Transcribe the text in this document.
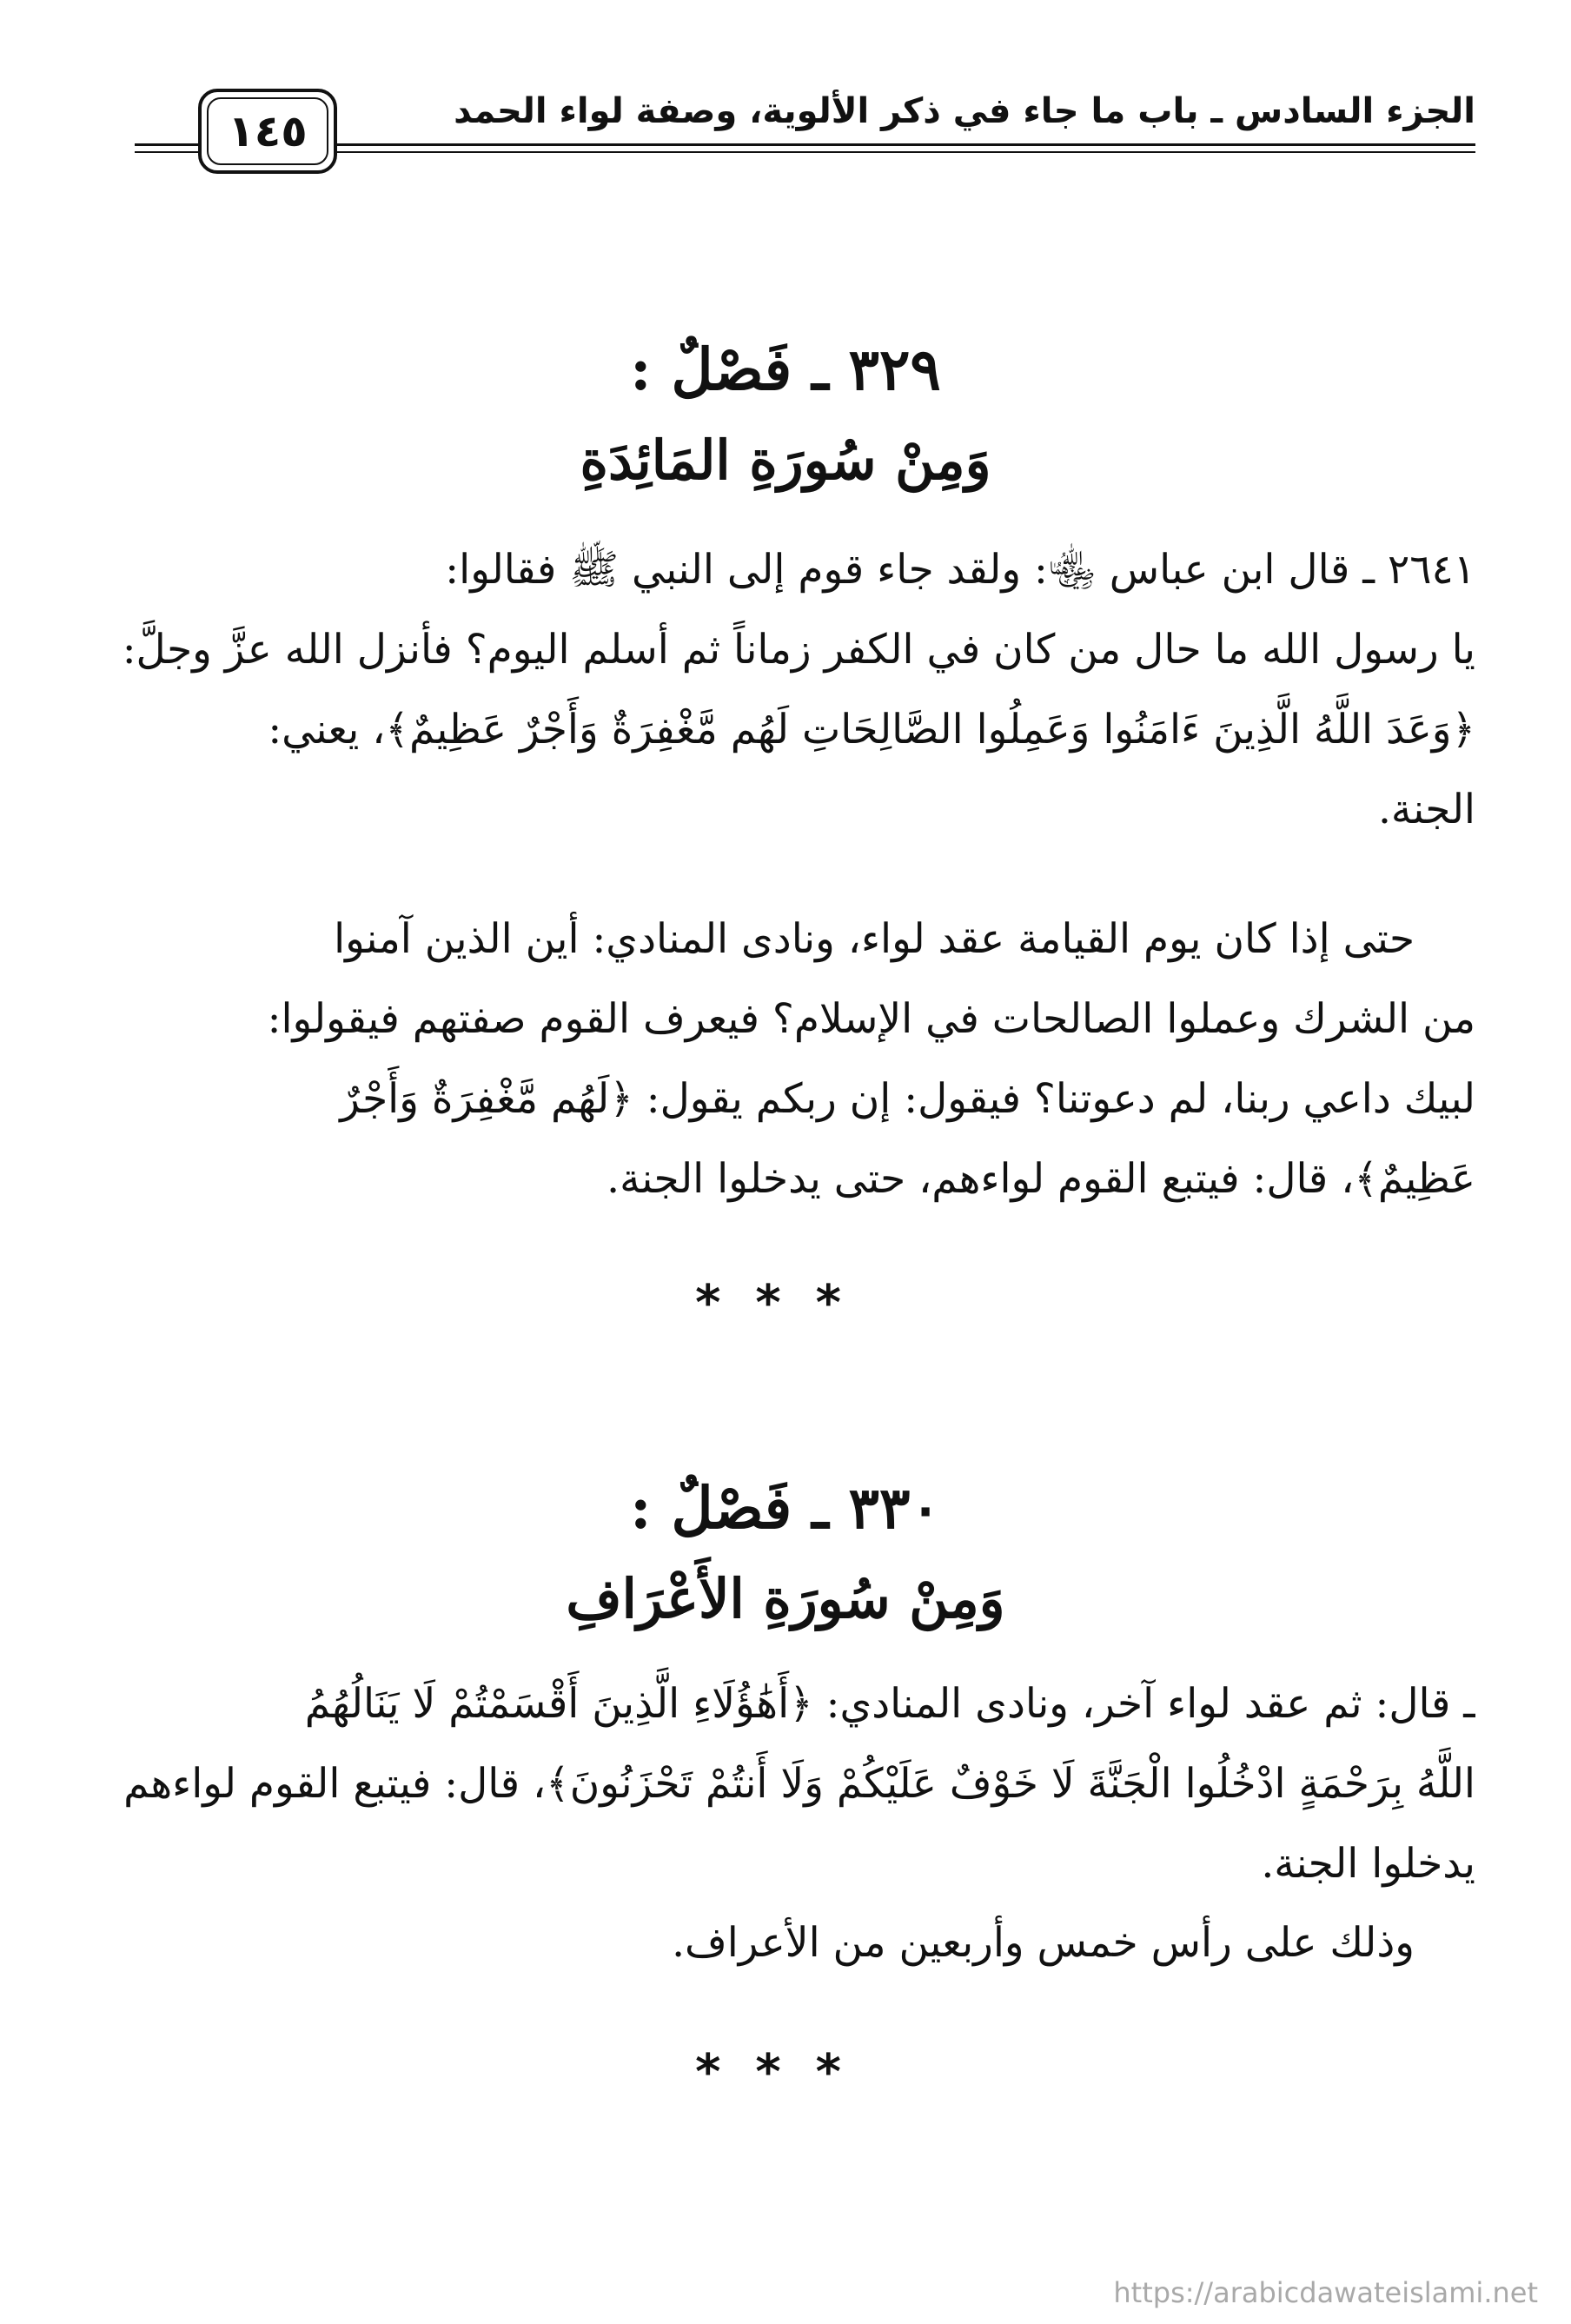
الجزء السادس ـ باب ما جاء في ذكر الألوية، وصفة لواء الحمد
١٤٥
٣٢٩ ـ فَصْلٌ :
وَمِنْ سُورَةِ المَائِدَةِ
٢٦٤١ ـ قال ابن عباس ﵄: ولقد جاء قوم إلى النبي ﷺ فقالوا:
يا رسول الله ما حال من كان في الكفر زماناً ثم أسلم اليوم؟ فأنزل الله عزَّ وجلَّ:
﴿وَعَدَ اللَّهُ الَّذِينَ ءَامَنُوا وَعَمِلُوا الصَّالِحَاتِ لَهُم مَّغْفِرَةٌ وَأَجْرٌ عَظِيمٌ﴾، يعني:
الجنة.
حتى إذا كان يوم القيامة عقد لواء، ونادى المنادي: أين الذين آمنوا
من الشرك وعملوا الصالحات في الإسلام؟ فيعرف القوم صفتهم فيقولوا:
لبيك داعي ربنا، لم دعوتنا؟ فيقول: إن ربكم يقول: ﴿لَهُم مَّغْفِرَةٌ وَأَجْرٌ
عَظِيمٌ﴾، قال: فيتبع القوم لواءهم، حتى يدخلوا الجنة.
***
٣٣٠ ـ فَصْلٌ :
وَمِنْ سُورَةِ الأَعْرَافِ
ـ قال: ثم عقد لواء آخر، ونادى المنادي: ﴿أَهَٰؤُلَاءِ الَّذِينَ أَقْسَمْتُمْ لَا يَنَالُهُمُ
اللَّهُ بِرَحْمَةٍ ادْخُلُوا الْجَنَّةَ لَا خَوْفٌ عَلَيْكُمْ وَلَا أَنتُمْ تَحْزَنُونَ﴾، قال: فيتبع القوم لواءهم
يدخلوا الجنة.
وذلك على رأس خمس وأربعين من الأعراف.
***
https://arabicdawateislami.net
